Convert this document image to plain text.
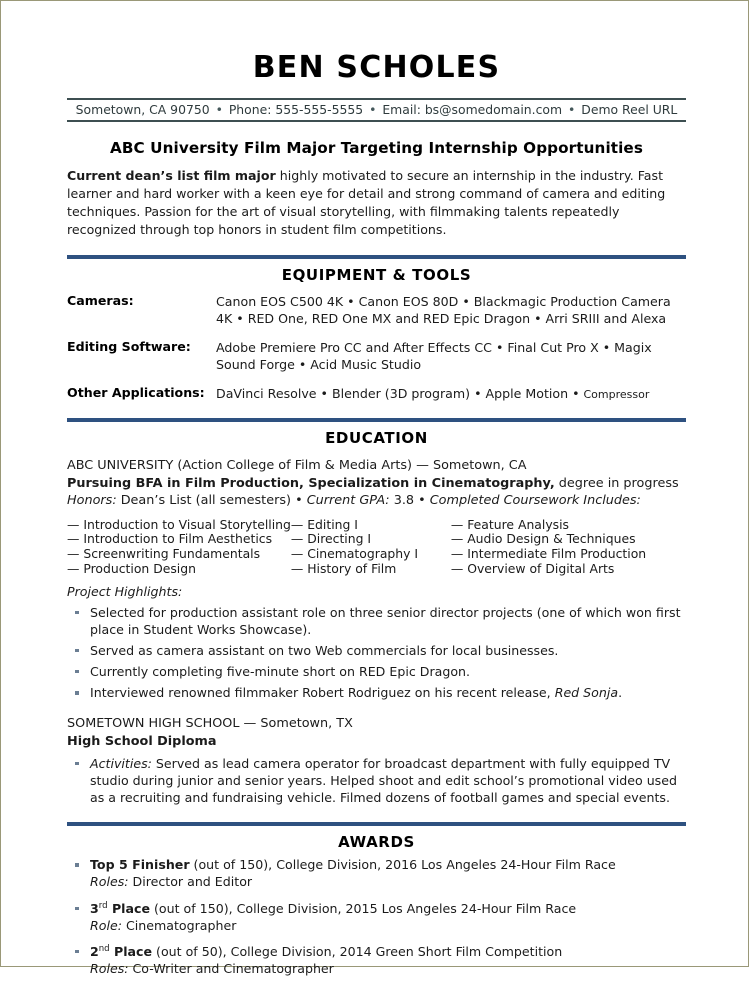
BEN SCHOLES
Sometown, CA 90750 • Phone: 555-555-5555 • Email: bs@somedomain.com • Demo Reel URL
ABC University Film Major Targeting Internship Opportunities
Current dean’s list film major highly motivated to secure an internship in the industry. Fast learner and hard worker with a keen eye for detail and strong command of camera and editing techniques. Passion for the art of visual storytelling, with filmmaking talents repeatedly recognized through top honors in student film competitions.
EQUIPMENT & TOOLS
Cameras:	Canon EOS C500 4K • Canon EOS 80D • Blackmagic Production Camera 4K • RED One, RED One MX and RED Epic Dragon • Arri SRIII and Alexa
Editing Software:	Adobe Premiere Pro CC and After Effects CC • Final Cut Pro X • Magix Sound Forge • Acid Music Studio
Other Applications: DaVinci Resolve • Blender (3D program) • Apple Motion • Compressor
EDUCATION
ABC UNIVERSITY (Action College of Film & Media Arts) — Sometown, CA
Pursuing BFA in Film Production, Specialization in Cinematography, degree in progress
Honors: Dean’s List (all semesters) • Current GPA: 3.8 • Completed Coursework Includes:
— Introduction to Visual Storytelling
— Introduction to Film Aesthetics
— Screenwriting Fundamentals
— Production Design
— Editing I
— Directing I
— Cinematography I
— History of Film
— Feature Analysis
— Audio Design & Techniques
— Intermediate Film Production
— Overview of Digital Arts
Project Highlights:
Selected for production assistant role on three senior director projects (one of which won first place in Student Works Showcase).
Served as camera assistant on two Web commercials for local businesses.
Currently completing five-minute short on RED Epic Dragon.
Interviewed renowned filmmaker Robert Rodriguez on his recent release, Red Sonja.
SOMETOWN HIGH SCHOOL — Sometown, TX
High School Diploma
Activities: Served as lead camera operator for broadcast department with fully equipped TV studio during junior and senior years. Helped shoot and edit school’s promotional video used as a recruiting and fundraising vehicle. Filmed dozens of football games and special events.
AWARDS
Top 5 Finisher (out of 150), College Division, 2016 Los Angeles 24-Hour Film Race
Roles: Director and Editor
3rd Place (out of 150), College Division, 2015 Los Angeles 24-Hour Film Race
Role: Cinematographer
2nd Place (out of 50), College Division, 2014 Green Short Film Competition
Roles: Co-Writer and Cinematographer
